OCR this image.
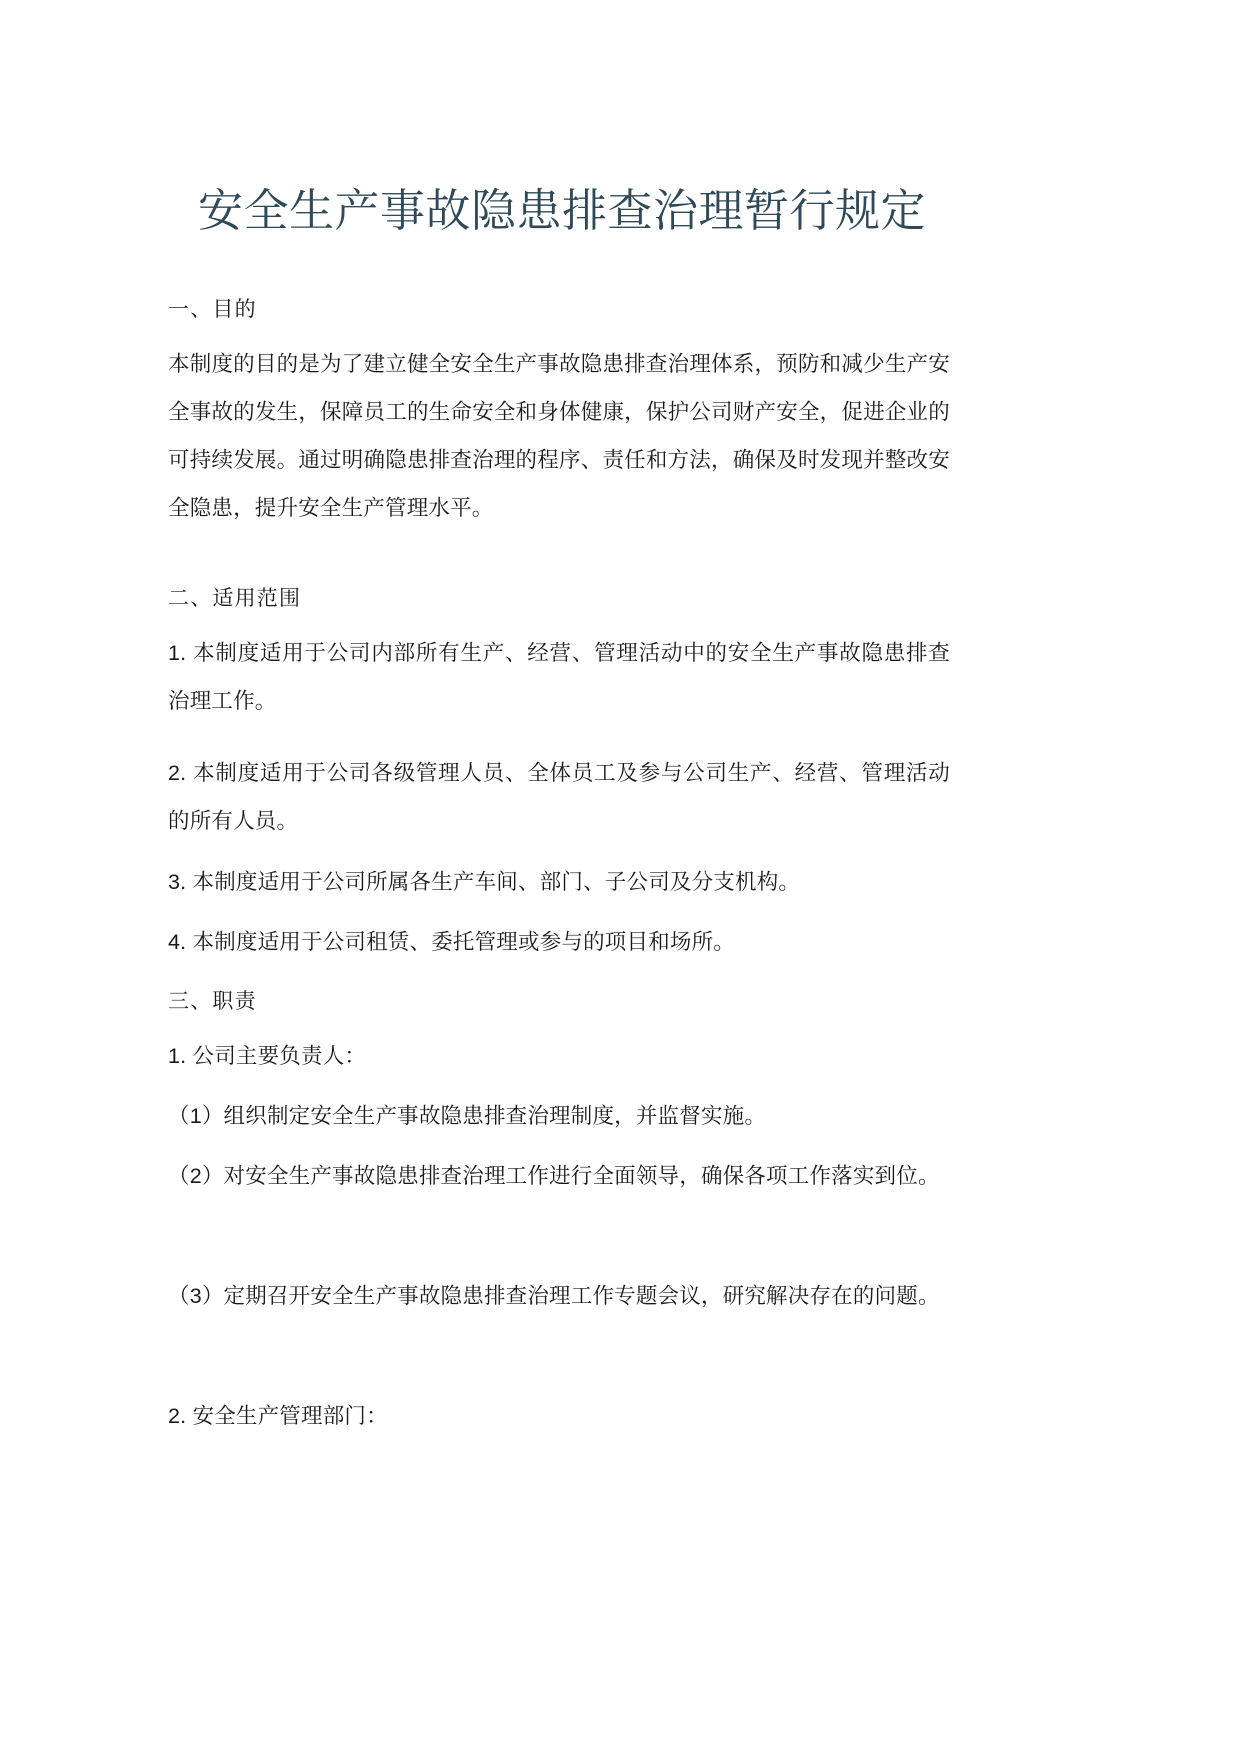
安全生产事故隐患排查治理暂行规定

一、目的

本制度的目的是为了建立健全安全生产事故隐患排查治理体系，预防和减少生产安全事故的发生，保障员工的生命安全和身体健康，保护公司财产安全，促进企业的可持续发展。通过明确隐患排查治理的程序、责任和方法，确保及时发现并整改安全隐患，提升安全生产管理水平。

二、适用范围

1. 本制度适用于公司内部所有生产、经营、管理活动中的安全生产事故隐患排查治理工作。

2. 本制度适用于公司各级管理人员、全体员工及参与公司生产、经营、管理活动的所有人员。

3. 本制度适用于公司所属各生产车间、部门、子公司及分支机构。

4. 本制度适用于公司租赁、委托管理或参与的项目和场所。

三、职责

1. 公司主要负责人：

（1）组织制定安全生产事故隐患排查治理制度，并监督实施。

（2）对安全生产事故隐患排查治理工作进行全面领导，确保各项工作落实到位。

（3）定期召开安全生产事故隐患排查治理工作专题会议，研究解决存在的问题。

2. 安全生产管理部门：
